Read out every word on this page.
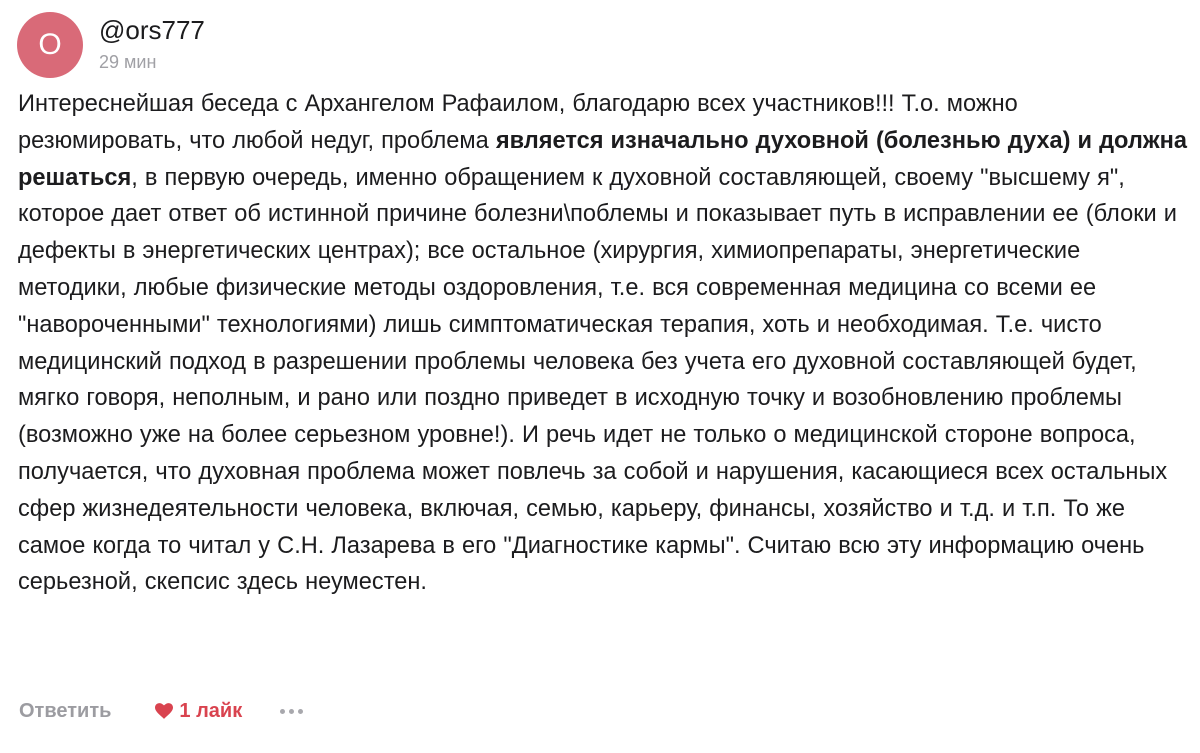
O	@ors777
29 мин
Интереснейшая беседа с Архангелом Рафаилом, благодарю всех участников!!! Т.о. можно резюмировать, что любой недуг, проблема является изначально духовной (болезнью духа) и должна решаться, в первую очередь, именно обращением к духовной составляющей, своему "высшему я", которое дает ответ об истинной причине болезни\поблемы и показывает путь в исправлении ее (блоки и дефекты в энергетических центрах); все остальное (хирургия, химиопрепараты, энергетические методики, любые физические методы оздоровления, т.е. вся современная медицина со всеми ее "навороченными" технологиями) лишь симптоматическая терапия, хоть и необходимая. Т.е. чисто медицинский подход в разрешении проблемы человека без учета его духовной составляющей будет, мягко говоря, неполным, и рано или поздно приведет в исходную точку и возобновлению проблемы (возможно уже на более серьезном уровне!). И речь идет не только о медицинской стороне вопроса, получается, что духовная проблема может повлечь за собой и нарушения, касающиеся всех остальных сфер жизнедеятельности человека, включая, семью, карьеру, финансы, хозяйство и т.д. и т.п. То же самое когда то читал у С.Н. Лазарева в его "Диагностике кармы". Считаю всю эту информацию очень серьезной, скепсис здесь неуместен.
Ответить	1 лайк
